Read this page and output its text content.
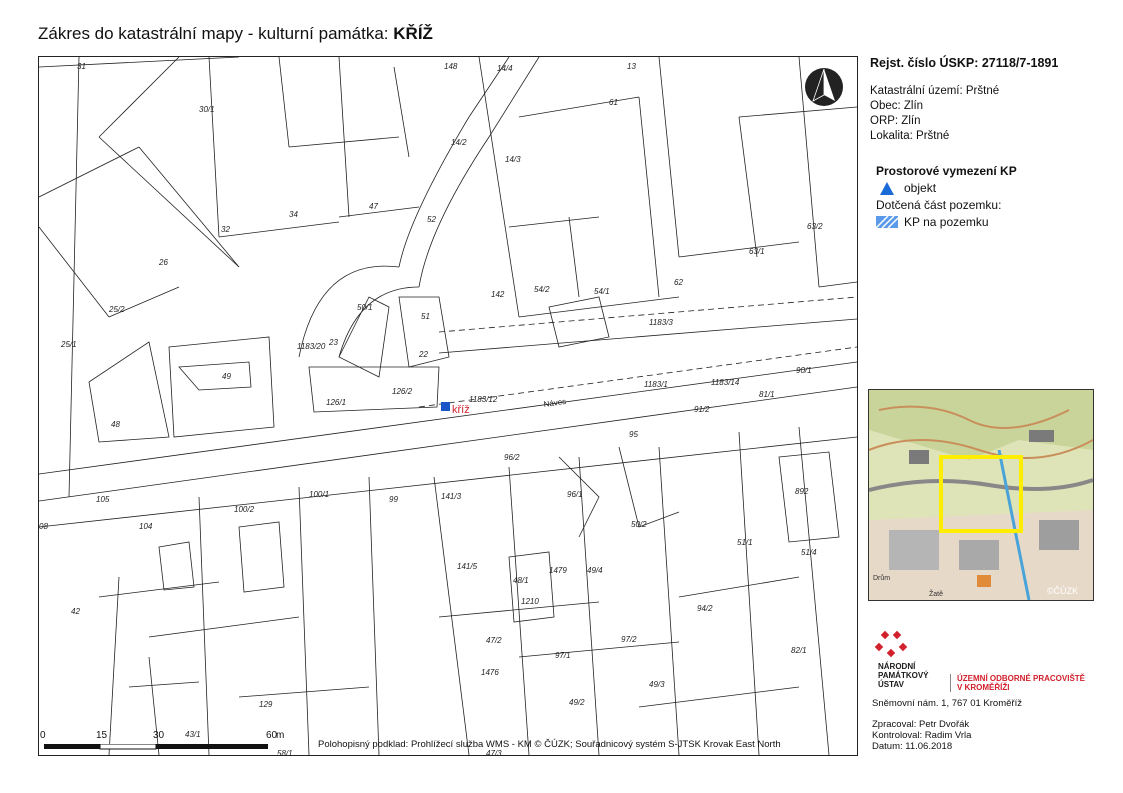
Zákres do katastrální mapy - kulturní památka: KŘÍŽ
kříž
Náves
31	148	14/4	13
30/1
61
14/2
14/3
34
47
52
32
26
25/2
25/1
50/1
51
23
1183/20
22
49
126/1
126/2
1183/12
1183/1	1183/14
90/1
63/1
63/2
142
54/2	54/1
62
1183/3
48
91/2
81/1
95
96/2
892
105
100/1
100/2
99	141/3	96/1
104	50/2
51/1
141/5
48/1
1479	49/4
51/4
42
1210
94/2
47/2
97/1
97/2
1476
49/3
82/1
129
43/1
49/2
47/3
58/1
08
Rejst. číslo ÚSKP: 27118/7-1891
Katastrální území: Prštné
Obec: Zlín
ORP: Zlín
Lokalita: Prštné
Prostorové vymezení KP
objekt
Dotčená část pozemku:
KP na pozemku
Drům
Žatě	©ČÚZK
NÁRODNÍ
PAMÁTKOVÝ
ÚSTAV
ÚZEMNÍ ODBORNÉ PRACOVIŠTĚ
V KROMĚŘÍŽI
Sněmovní nám. 1, 767 01 Kroměříž
Zpracoval: Petr Dvořák
Kontroloval: Radim Vrla
Datum: 11.06.2018
0	15	30	60
m
Polohopisný podklad: Prohlížecí služba WMS - KM © ČÚZK; Souřadnicový systém S-JTSK Krovak East North
